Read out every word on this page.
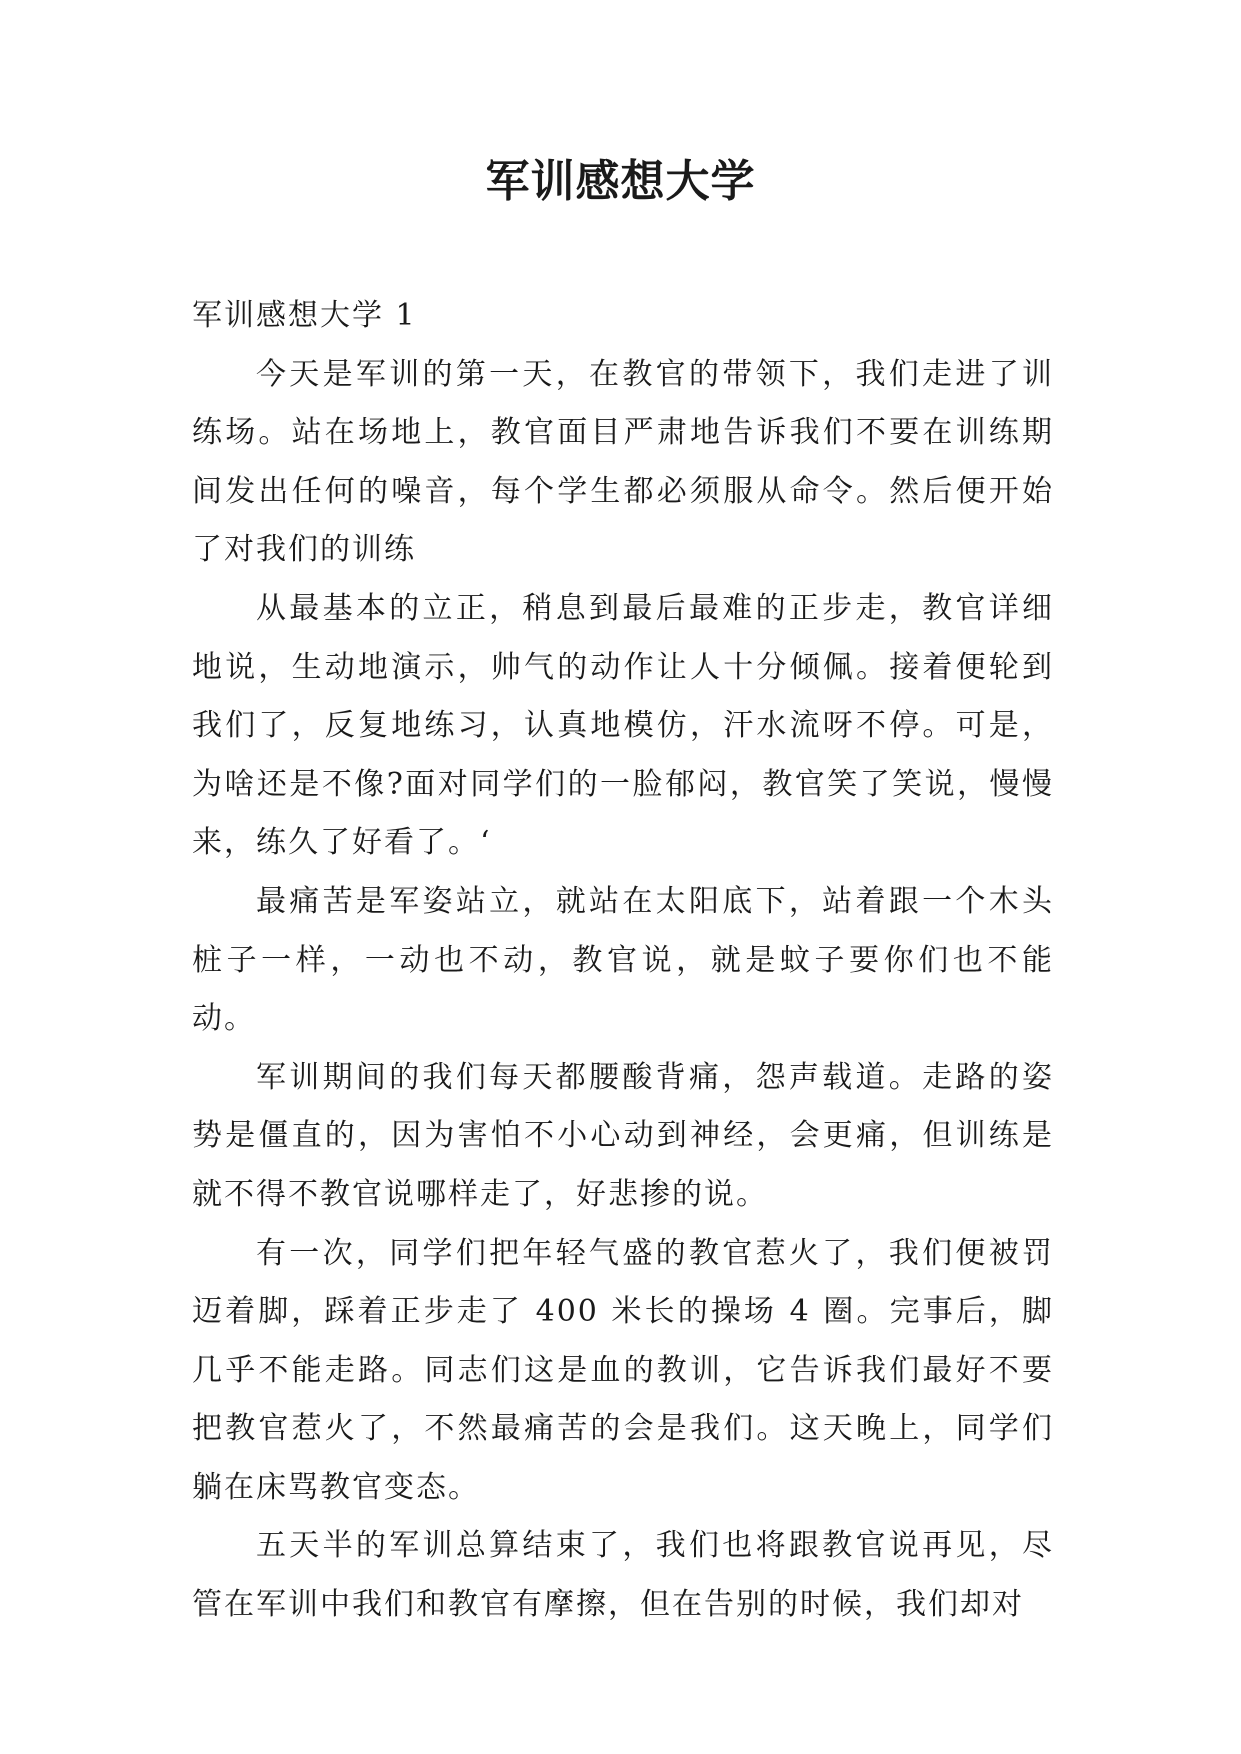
军训感想大学
军训感想大学 1

今天是军训的第一天，在教官的带领下，我们走进了训练场。站在场地上，教官面目严肃地告诉我们不要在训练期间发出任何的噪音，每个学生都必须服从命令。然后便开始了对我们的训练

从最基本的立正，稍息到最后最难的正步走，教官详细地说，生动地演示，帅气的动作让人十分倾佩。接着便轮到我们了，反复地练习，认真地模仿，汗水流呀不停。可是，为啥还是不像?面对同学们的一脸郁闷，教官笑了笑说，慢慢来，练久了好看了。‘

最痛苦是军姿站立，就站在太阳底下，站着跟一个木头桩子一样，一动也不动，教官说，就是蚊子要你们也不能动。

军训期间的我们每天都腰酸背痛，怨声载道。走路的姿势是僵直的，因为害怕不小心动到神经，会更痛，但训练是就不得不教官说哪样走了，好悲掺的说。

有一次，同学们把年轻气盛的教官惹火了，我们便被罚迈着脚，踩着正步走了 400 米长的操场 4 圈。完事后，脚几乎不能走路。同志们这是血的教训，它告诉我们最好不要把教官惹火了，不然最痛苦的会是我们。这天晚上，同学们躺在床骂教官变态。

五天半的军训总算结束了，我们也将跟教官说再见，尽管在军训中我们和教官有摩擦，但在告别的时候，我们却对
